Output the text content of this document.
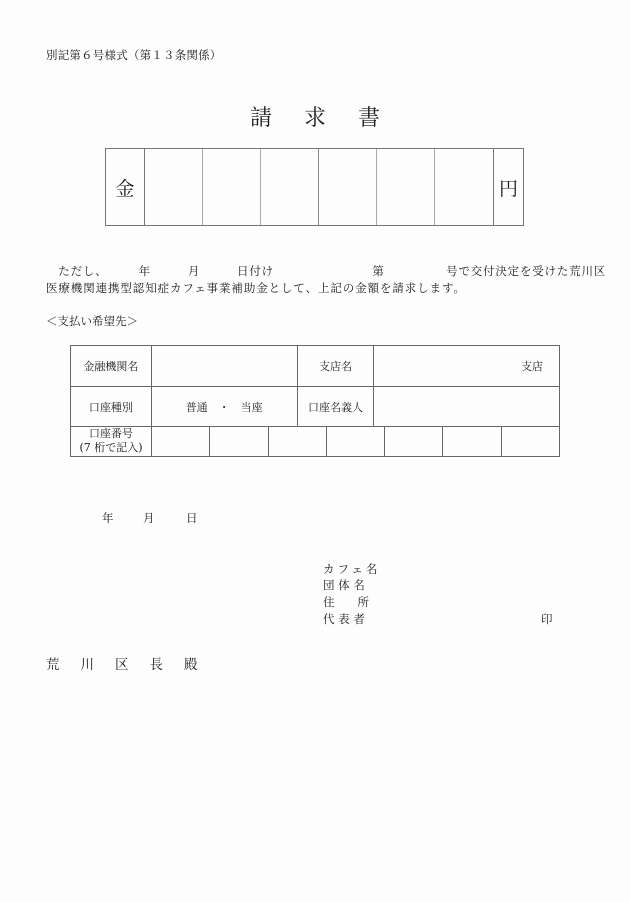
別記第６号様式（第１３条関係）
請 求 書
金	円
　ただし、　　　年　　　月　　　日付け　　　　　　　　第　　　　　号で交付決定を受けた荒川区
医療機関連携型認知症カフェ事業補助金として、上記の金額を請求します。
＜支払い希望先＞
金融機関名		支店名	支店
口座種別	普通　・　当座	口座名義人	
口座番号
(7 桁で記入)
年	月	日
カフェ名
団 体 名
住　　所
代 表 者	印
荒 川 区 長 殿
